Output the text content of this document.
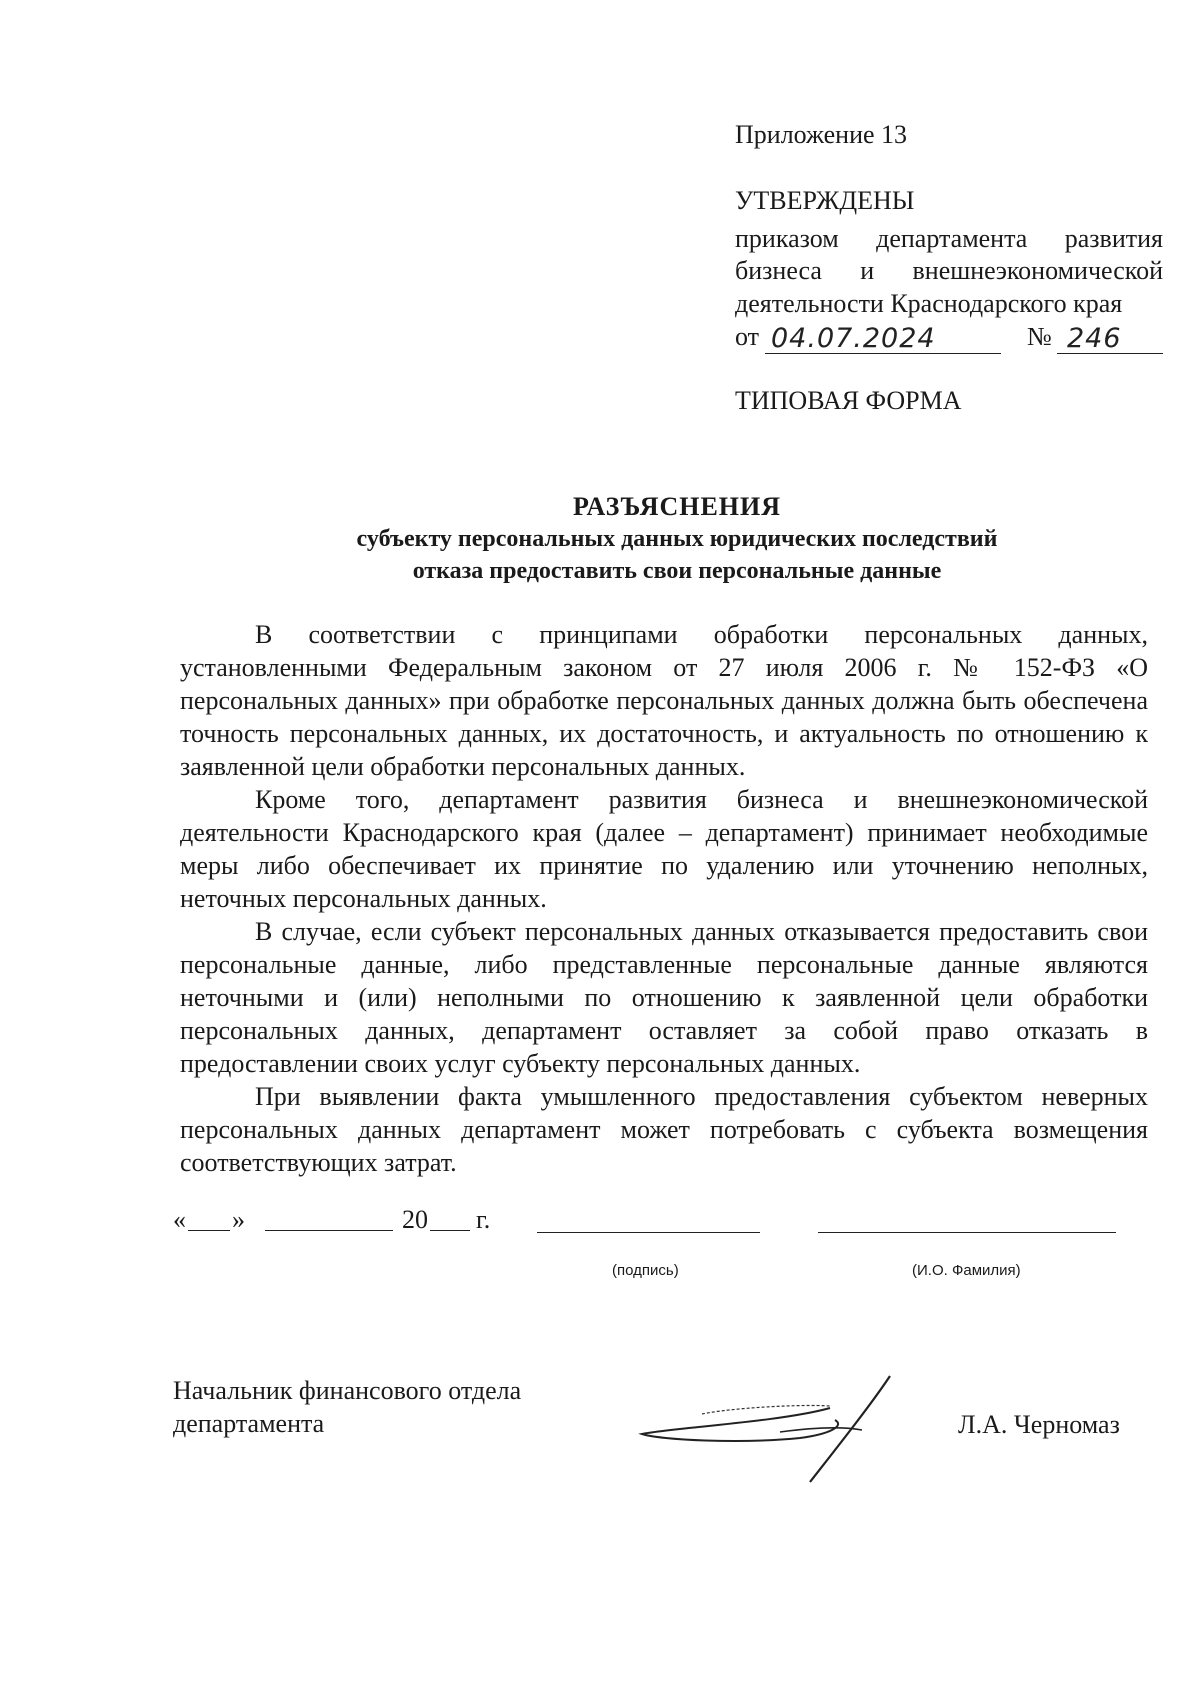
Приложение 13
УТВЕРЖДЕНЫ
приказом департамента развития
бизнеса и внешнеэкономической
деятельности Краснодарского края
от 04.07.2024	№ 246
ТИПОВАЯ ФОРМА
РАЗЪЯСНЕНИЯ
субъекту персональных данных юридических последствий
отказа предоставить свои персональные данные

В соответствии с принципами обработки персональных данных, установленными Федеральным законом от 27 июля 2006 г. № 152-ФЗ «О персональных данных» при обработке персональных данных должна быть обеспечена точность персональных данных, их достаточность, и актуальность по отношению к заявленной цели обработки персональных данных.

Кроме того, департамент развития бизнеса и внешнеэкономической деятельности Краснодарского края (далее – департамент) принимает необходимые меры либо обеспечивает их принятие по удалению или уточнению неполных, неточных персональных данных.

В случае, если субъект персональных данных отказывается предоставить свои персональные данные, либо представленные персональные данные являются неточными и (или) неполными по отношению к заявленной цели обработки персональных данных, департамент оставляет за собой право отказать в предоставлении своих услуг субъекту персональных данных.

При выявлении факта умышленного предоставления субъектом неверных персональных данных департамент может потребовать с субъекта возмещения соответствующих затрат.

« »	20 г.
(подпись)	(И.О. Фамилия)
Начальник финансового отдела
департамента	Л.А. Черномаз
